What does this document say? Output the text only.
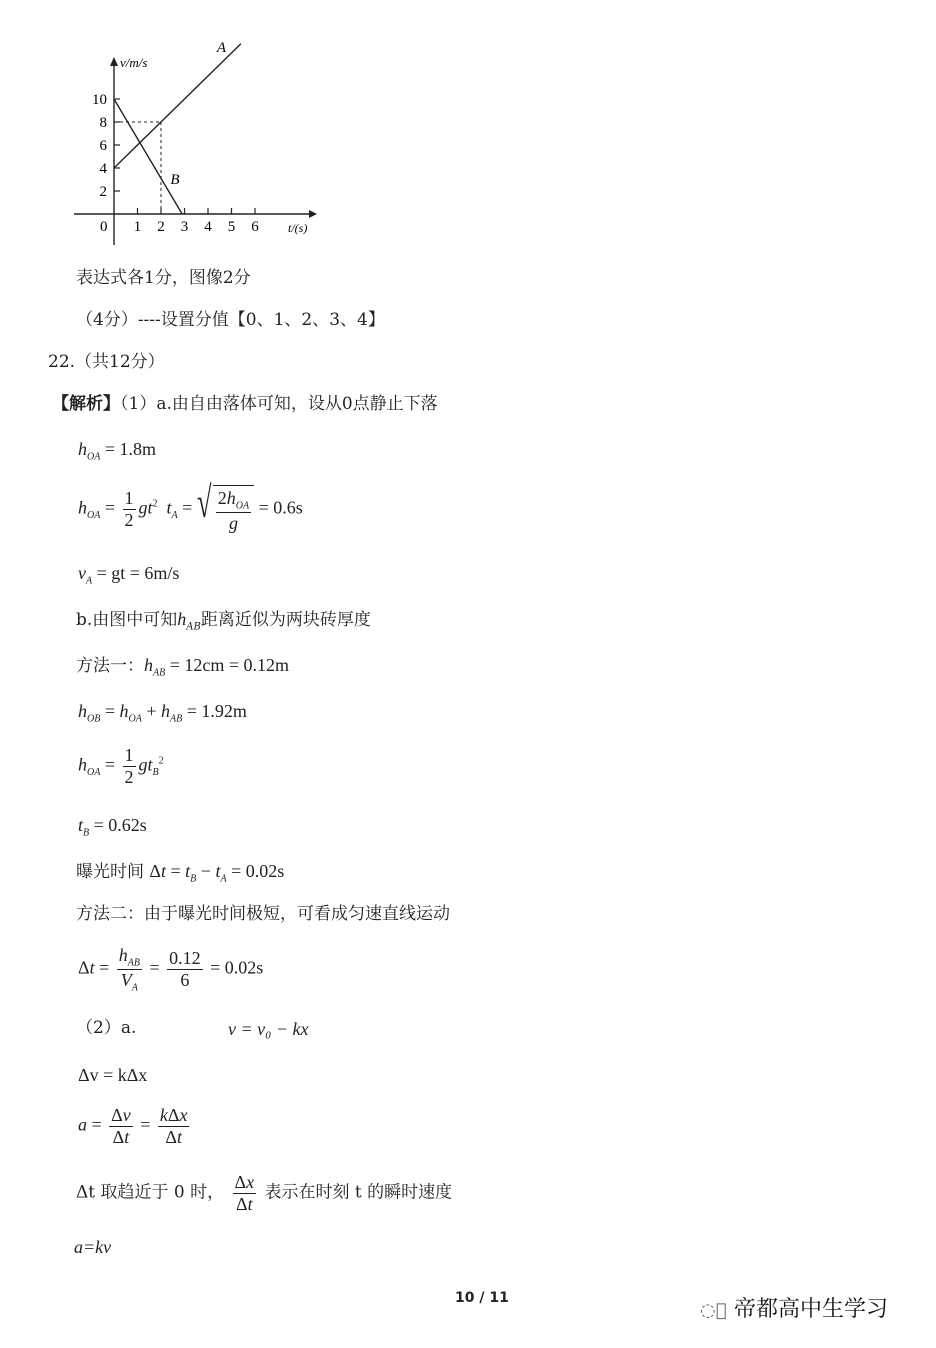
v/m/s
t/(s)
0
10
8
6
4
2
1 2 3 4 5 6
A
B
表达式各1分，图像2分
（4分）----设置分值【0、1、2、3、4】
22.（共12分）
【解析】（1）a.由自由落体可知，设从0点静止下落
$h_{OA} = 1.8m$
$h_{OA} = \frac{1}{2} gt^2$ $t_A$ = √ $\frac{2h_{OA}}{g} = 0.6s$
$v_A$ = gt = 6m/s
b.由图中可知$h_{AB}$距离近似为两块砖厚度
方法一：$h_{AB} = 12cm = 0.12m$
$h_{OB} = h_{OA} + h_{AB} = 1.92m$
$h_{OA} = \frac{1}{2} gt_B^2$
$t_B = 0.62s$
曝光时间 $\Delta t = t_B - t_A = 0.02s$
方法二：由于曝光时间极短，可看成匀速直线运动
$\Delta t = \frac{h_{AB}}{V_A} = \frac{0.12}{6} = 0.02s$
（2）a.	v = v₀ − kx
Δv = kΔx
$a = \frac{\Delta v}{\Delta t} = \frac{\text{kΔx}}{\Delta t}$
Δt 取趋近于 0 时， $\frac{\Delta x}{\Delta t}$ 表示在时刻 t 的瞬时速度
a=kv
10 / 11
◌⃝ 帝都高中生学习
